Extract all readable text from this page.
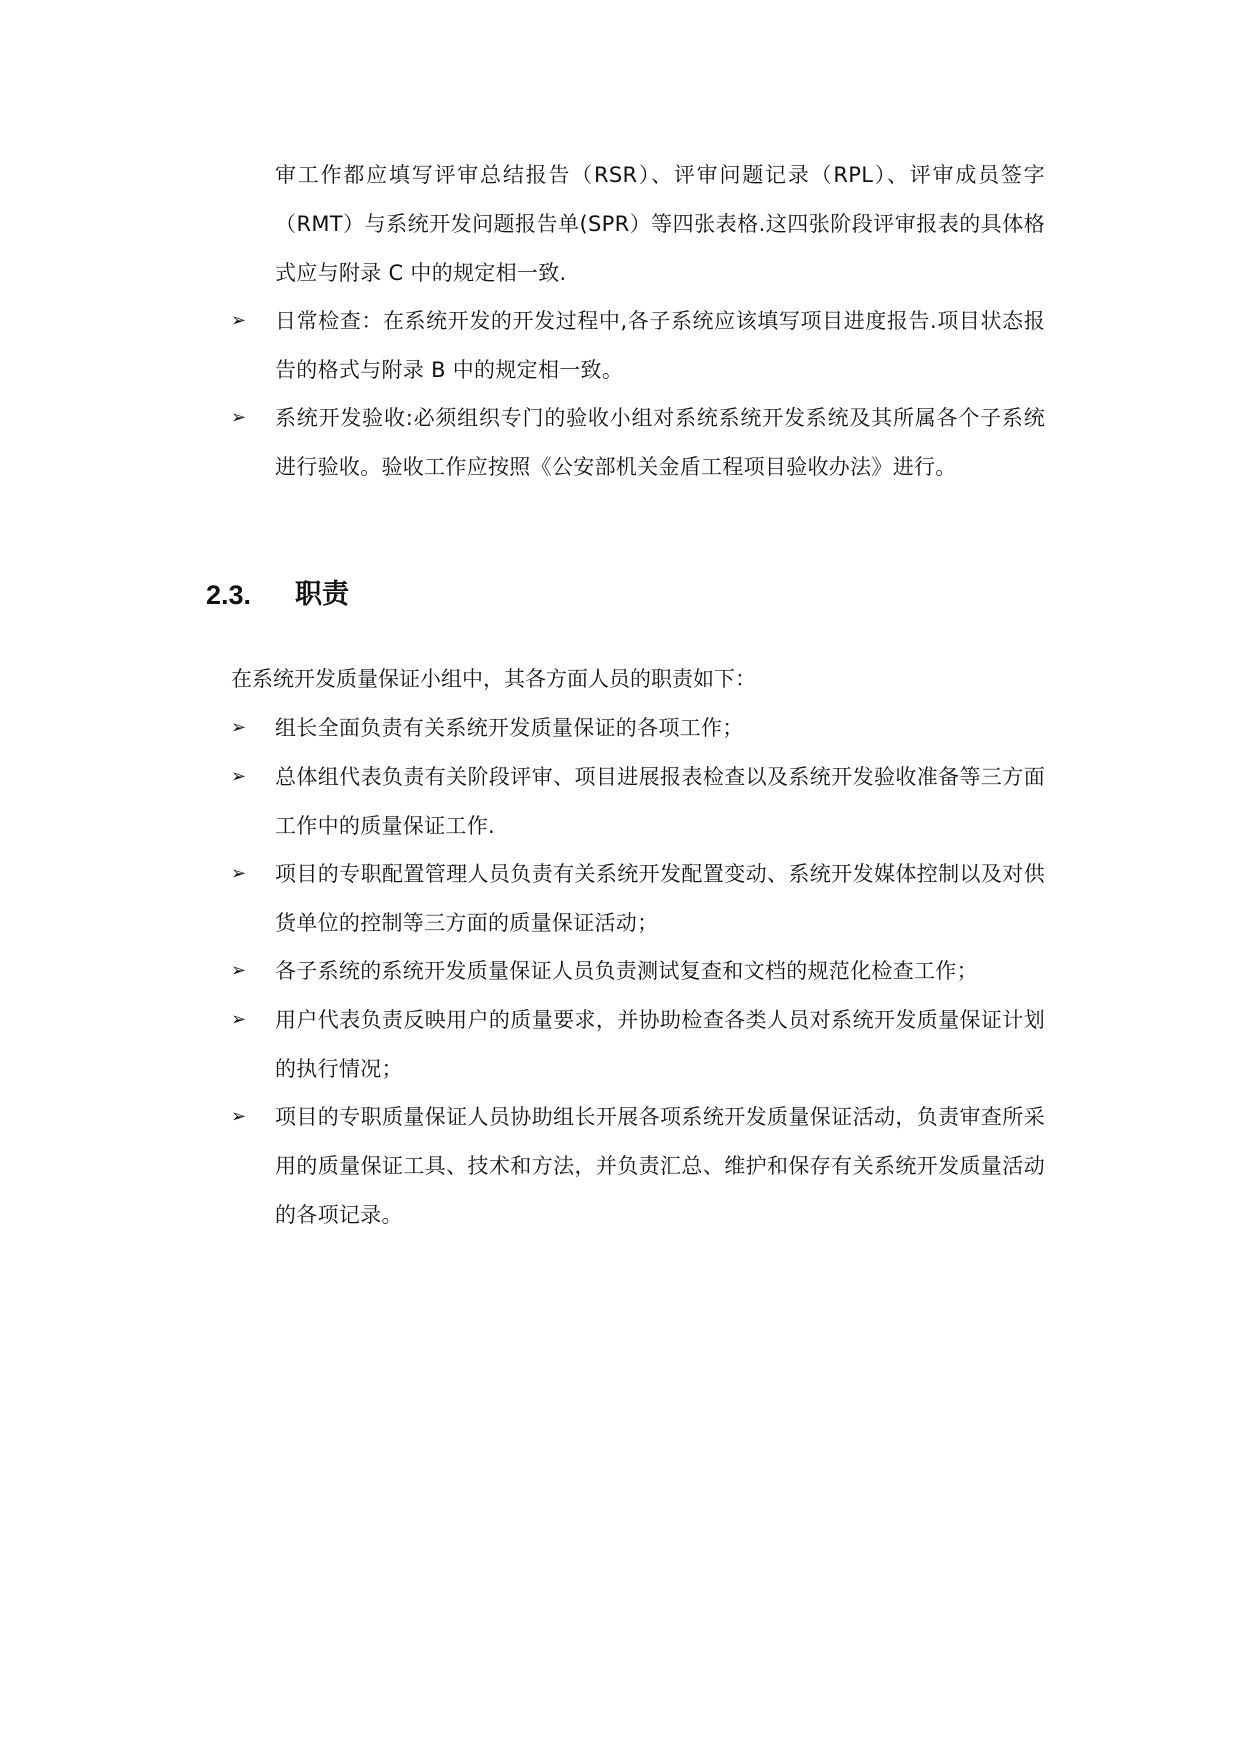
审工作都应填写评审总结报告（RSR）、评审问题记录（RPL）、评审成员签字
（RMT）与系统开发问题报告单(SPR）等四张表格.这四张阶段评审报表的具体格
式应与附录 C 中的规定相一致.
➢ 日常检查：在系统开发的开发过程中,各子系统应该填写项目进度报告.项目状态报
告的格式与附录 B 中的规定相一致。
➢ 系统开发验收:必须组织专门的验收小组对系统系统开发系统及其所属各个子系统
进行验收。验收工作应按照《公安部机关金盾工程项目验收办法》进行。
2.3. 职责
在系统开发质量保证小组中，其各方面人员的职责如下：
➢ 组长全面负责有关系统开发质量保证的各项工作；
➢ 总体组代表负责有关阶段评审、项目进展报表检查以及系统开发验收准备等三方面
工作中的质量保证工作.
➢ 项目的专职配置管理人员负责有关系统开发配置变动、系统开发媒体控制以及对供
货单位的控制等三方面的质量保证活动；
➢ 各子系统的系统开发质量保证人员负责测试复查和文档的规范化检查工作；
➢ 用户代表负责反映用户的质量要求，并协助检查各类人员对系统开发质量保证计划
的执行情况；
➢ 项目的专职质量保证人员协助组长开展各项系统开发质量保证活动，负责审查所采
用的质量保证工具、技术和方法，并负责汇总、维护和保存有关系统开发质量活动
的各项记录。
